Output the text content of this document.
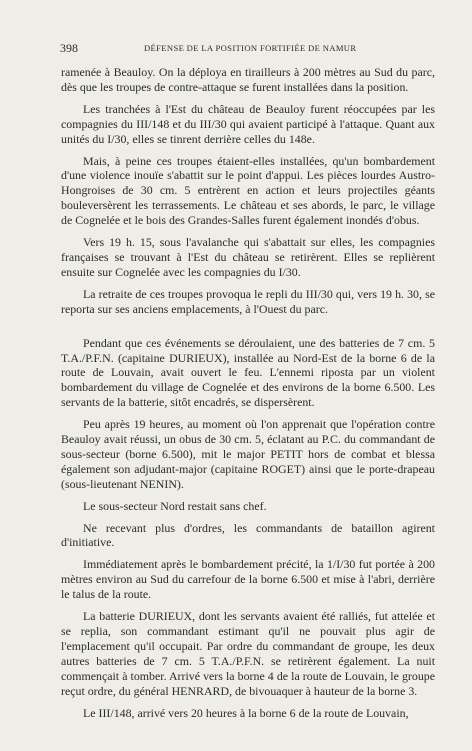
398	DÉFENSE DE LA POSITION FORTIFIÉE DE NAMUR

ramenée à Beauloy. On la déploya en tirailleurs à 200 mètres au Sud du parc, dès que les troupes de contre-attaque se furent installées dans la position.

Les tranchées à l'Est du château de Beauloy furent réoccupées par les compagnies du III/148 et du III/30 qui avaient participé à l'attaque. Quant aux unités du I/30, elles se tinrent derrière celles du 148e.

Mais, à peine ces troupes étaient-elles installées, qu'un bombardement d'une violence inouïe s'abattit sur le point d'appui. Les pièces lourdes Austro-Hongroises de 30 cm. 5 entrèrent en action et leurs projectiles géants bouleversèrent les terrassements. Le château et ses abords, le parc, le village de Cognelée et le bois des Grandes-Salles furent également inondés d'obus.

Vers 19 h. 15, sous l'avalanche qui s'abattait sur elles, les compagnies françaises se trouvant à l'Est du château se retirèrent. Elles se replièrent ensuite sur Cognelée avec les compagnies du I/30.

La retraite de ces troupes provoqua le repli du III/30 qui, vers 19 h. 30, se reporta sur ses anciens emplacements, à l'Ouest du parc.

Pendant que ces événements se déroulaient, une des batteries de 7 cm. 5 T.A./P.F.N. (capitaine DURIEUX), installée au Nord-Est de la borne 6 de la route de Louvain, avait ouvert le feu. L'ennemi riposta par un violent bombardement du village de Cognelée et des environs de la borne 6.500. Les servants de la batterie, sitôt encadrés, se dispersèrent.

Peu après 19 heures, au moment où l'on apprenait que l'opération contre Beauloy avait réussi, un obus de 30 cm. 5, éclatant au P.C. du commandant de sous-secteur (borne 6.500), mit le major PETIT hors de combat et blessa également son adjudant-major (capitaine ROGET) ainsi que le porte-drapeau (sous-lieutenant NENIN).

Le sous-secteur Nord restait sans chef.

Ne recevant plus d'ordres, les commandants de bataillon agirent d'initiative.

Immédiatement après le bombardement précité, la 1/I/30 fut portée à 200 mètres environ au Sud du carrefour de la borne 6.500 et mise à l'abri, derrière le talus de la route.

La batterie DURIEUX, dont les servants avaient été ralliés, fut attelée et se replia, son commandant estimant qu'il ne pouvait plus agir de l'emplacement qu'il occupait. Par ordre du commandant de groupe, les deux autres batteries de 7 cm. 5 T.A./P.F.N. se retirèrent également. La nuit commençait à tomber. Arrivé vers la borne 4 de la route de Louvain, le groupe reçut ordre, du général HENRARD, de bivouaquer à hauteur de la borne 3.

Le III/148, arrivé vers 20 heures à la borne 6 de la route de Louvain,
